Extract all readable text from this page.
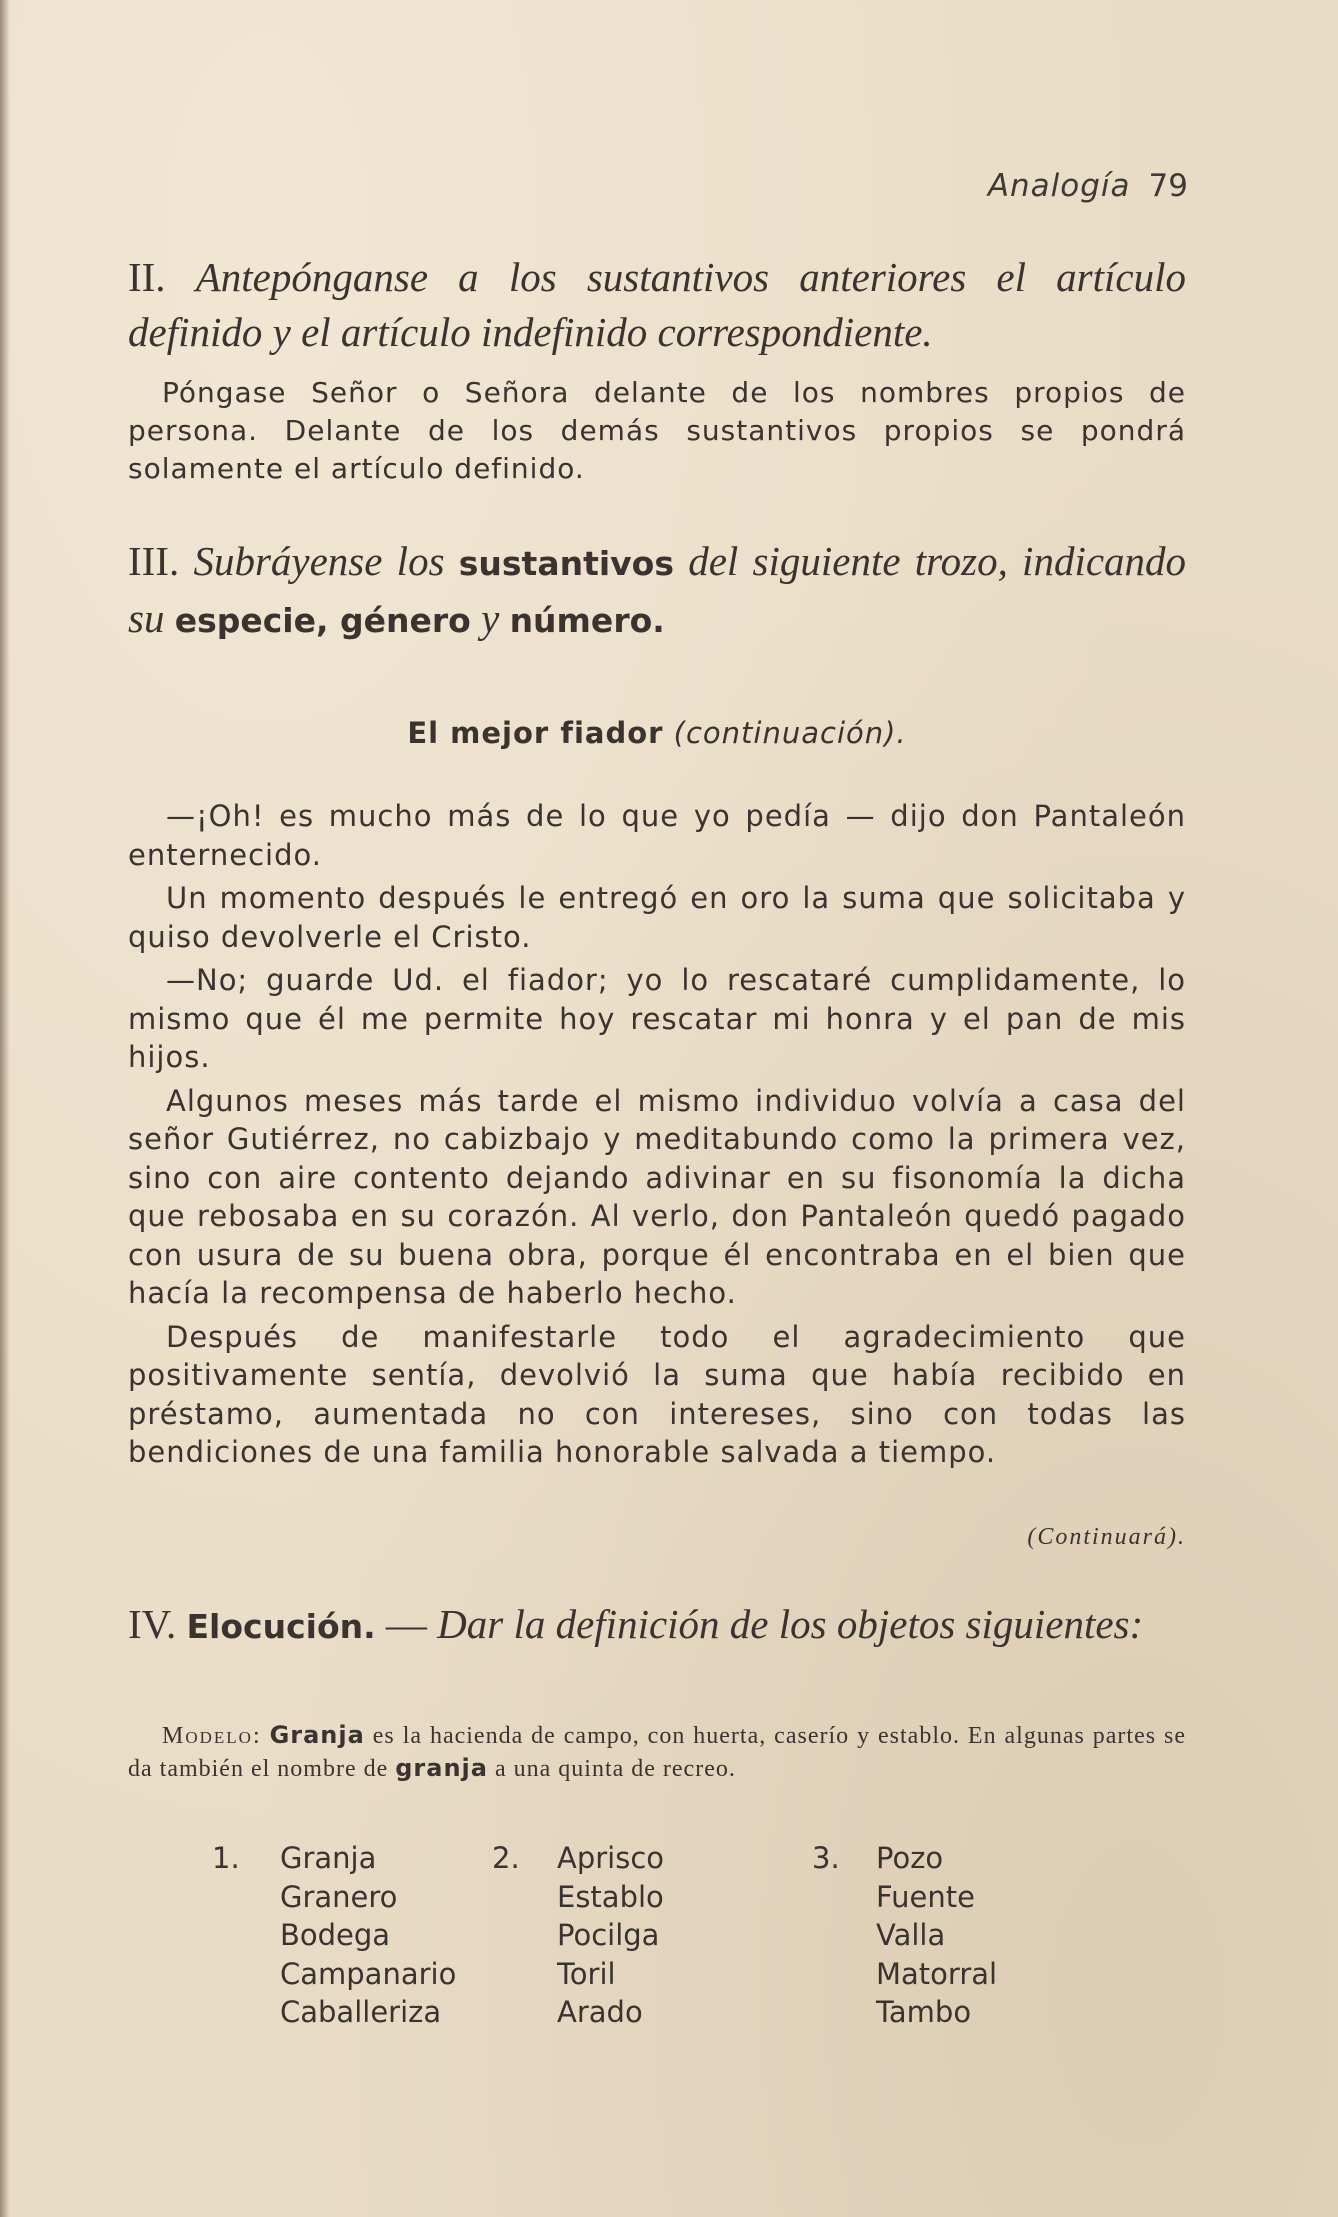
Analogía 79
II. Antepónganse a los sustantivos anteriores el artículo definido y el artículo indefinido correspondiente.
Póngase Señor o Señora delante de los nombres propios de persona. Delante de los demás sustantivos propios se pondrá solamente el artículo definido.
III. Subráyense los sustantivos del siguiente trozo, indicando su especie, género y número.
El mejor fiador (continuación).

—¡Oh! es mucho más de lo que yo pedía — dijo don Pantaleón enternecido.

Un momento después le entregó en oro la suma que solicitaba y quiso devolverle el Cristo.

—No; guarde Ud. el fiador; yo lo rescataré cumplidamente, lo mismo que él me permite hoy rescatar mi honra y el pan de mis hijos.

Algunos meses más tarde el mismo individuo volvía a casa del señor Gutiérrez, no cabizbajo y meditabundo como la primera vez, sino con aire contento dejando adivinar en su fisonomía la dicha que rebosaba en su corazón. Al verlo, don Pantaleón quedó pagado con usura de su buena obra, porque él encontraba en el bien que hacía la recompensa de haberlo hecho.

Después de manifestarle todo el agradecimiento que positivamente sentía, devolvió la suma que había recibido en préstamo, aumentada no con intereses, sino con todas las bendiciones de una familia honorable salvada a tiempo.

(Continuará).
IV. Elocución. — Dar la definición de los objetos siguientes:
Modelo: Granja es la hacienda de campo, con huerta, caserío y establo. En algunas partes se da también el nombre de granja a una quinta de recreo.
1. Granja
Granero
Bodega
Campanario
Caballeriza
2. Aprisco
Establo
Pocilga
Toril
Arado
3. Pozo
Fuente
Valla
Matorral
Tambo
